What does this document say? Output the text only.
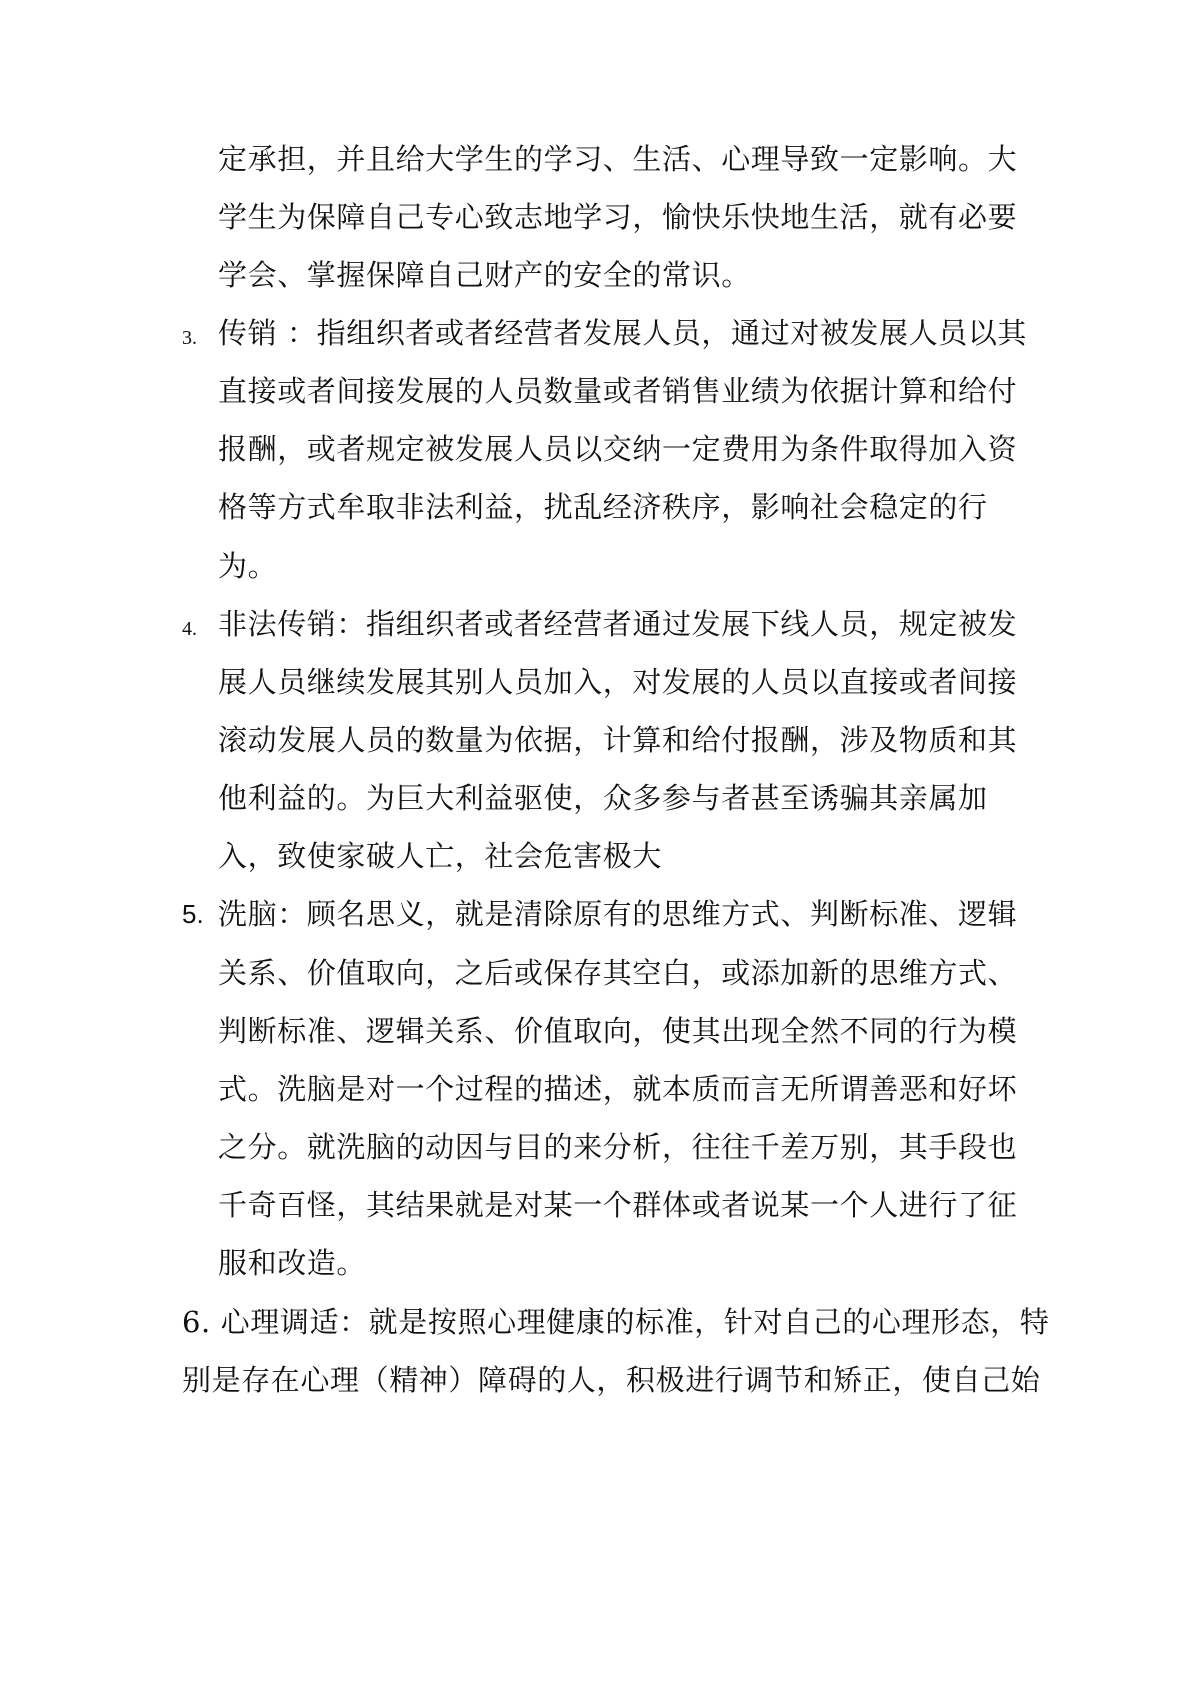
定承担，并且给大学生的学习、生活、心理导致一定影响。大
学生为保障自己专心致志地学习，愉快乐快地生活，就有必要
学会、掌握保障自己财产的安全的常识。
3. 传销 ：指组织者或者经营者发展人员，通过对被发展人员以其
直接或者间接发展的人员数量或者销售业绩为依据计算和给付
报酬，或者规定被发展人员以交纳一定费用为条件取得加入资
格等方式牟取非法利益，扰乱经济秩序，影响社会稳定的行
为。
4. 非法传销：指组织者或者经营者通过发展下线人员，规定被发
展人员继续发展其别人员加入，对发展的人员以直接或者间接
滚动发展人员的数量为依据，计算和给付报酬，涉及物质和其
他利益的。为巨大利益驱使，众多参与者甚至诱骗其亲属加
入，致使家破人亡，社会危害极大
5. 洗脑：顾名思义，就是清除原有的思维方式、判断标准、逻辑
关系、价值取向，之后或保存其空白，或添加新的思维方式、
判断标准、逻辑关系、价值取向，使其出现全然不同的行为模
式。洗脑是对一个过程的描述，就本质而言无所谓善恶和好坏
之分。就洗脑的动因与目的来分析，往往千差万别，其手段也
千奇百怪，其结果就是对某一个群体或者说某一个人进行了征
服和改造。
6. 心理调适：就是按照心理健康的标准，针对自己的心理形态，特
别是存在心理（精神）障碍的人，积极进行调节和矫正，使自己始
